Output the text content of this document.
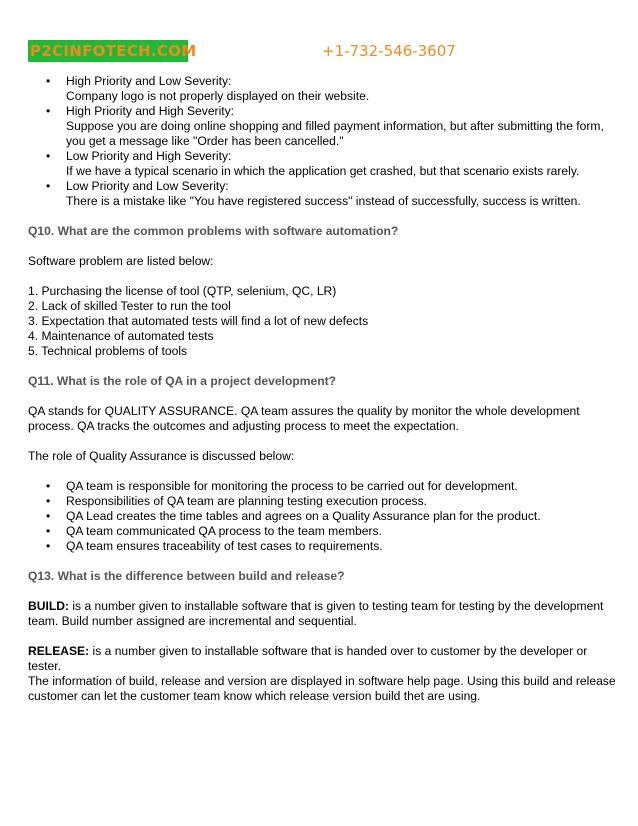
P2CINFOTECH.COM	+1-732-546-3607
• High Priority and Low Severity:
Company logo is not properly displayed on their website.
• High Priority and High Severity:
Suppose you are doing online shopping and filled payment information, but after submitting the form, you get a message like "Order has been cancelled."
• Low Priority and High Severity:
If we have a typical scenario in which the application get crashed, but that scenario exists rarely.
• Low Priority and Low Severity:
There is a mistake like "You have registered success" instead of successfully, success is written.

Q10. What are the common problems with software automation?

Software problem are listed below:

1. Purchasing the license of tool (QTP, selenium, QC, LR)

2. Lack of skilled Tester to run the tool

3. Expectation that automated tests will find a lot of new defects

4. Maintenance of automated tests

5. Technical problems of tools

Q11. What is the role of QA in a project development?

QA stands for QUALITY ASSURANCE. QA team assures the quality by monitor the whole development process. QA tracks the outcomes and adjusting process to meet the expectation.

The role of Quality Assurance is discussed below:

• QA team is responsible for monitoring the process to be carried out for development.
• Responsibilities of QA team are planning testing execution process.
• QA Lead creates the time tables and agrees on a Quality Assurance plan for the product.
• QA team communicated QA process to the team members.
• QA team ensures traceability of test cases to requirements.

Q13. What is the difference between build and release?

BUILD: is a number given to installable software that is given to testing team for testing by the development team. Build number assigned are incremental and sequential.

RELEASE: is a number given to installable software that is handed over to customer by the developer or tester.

The information of build, release and version are displayed in software help page. Using this build and release customer can let the customer team know which release version build thet are using.
